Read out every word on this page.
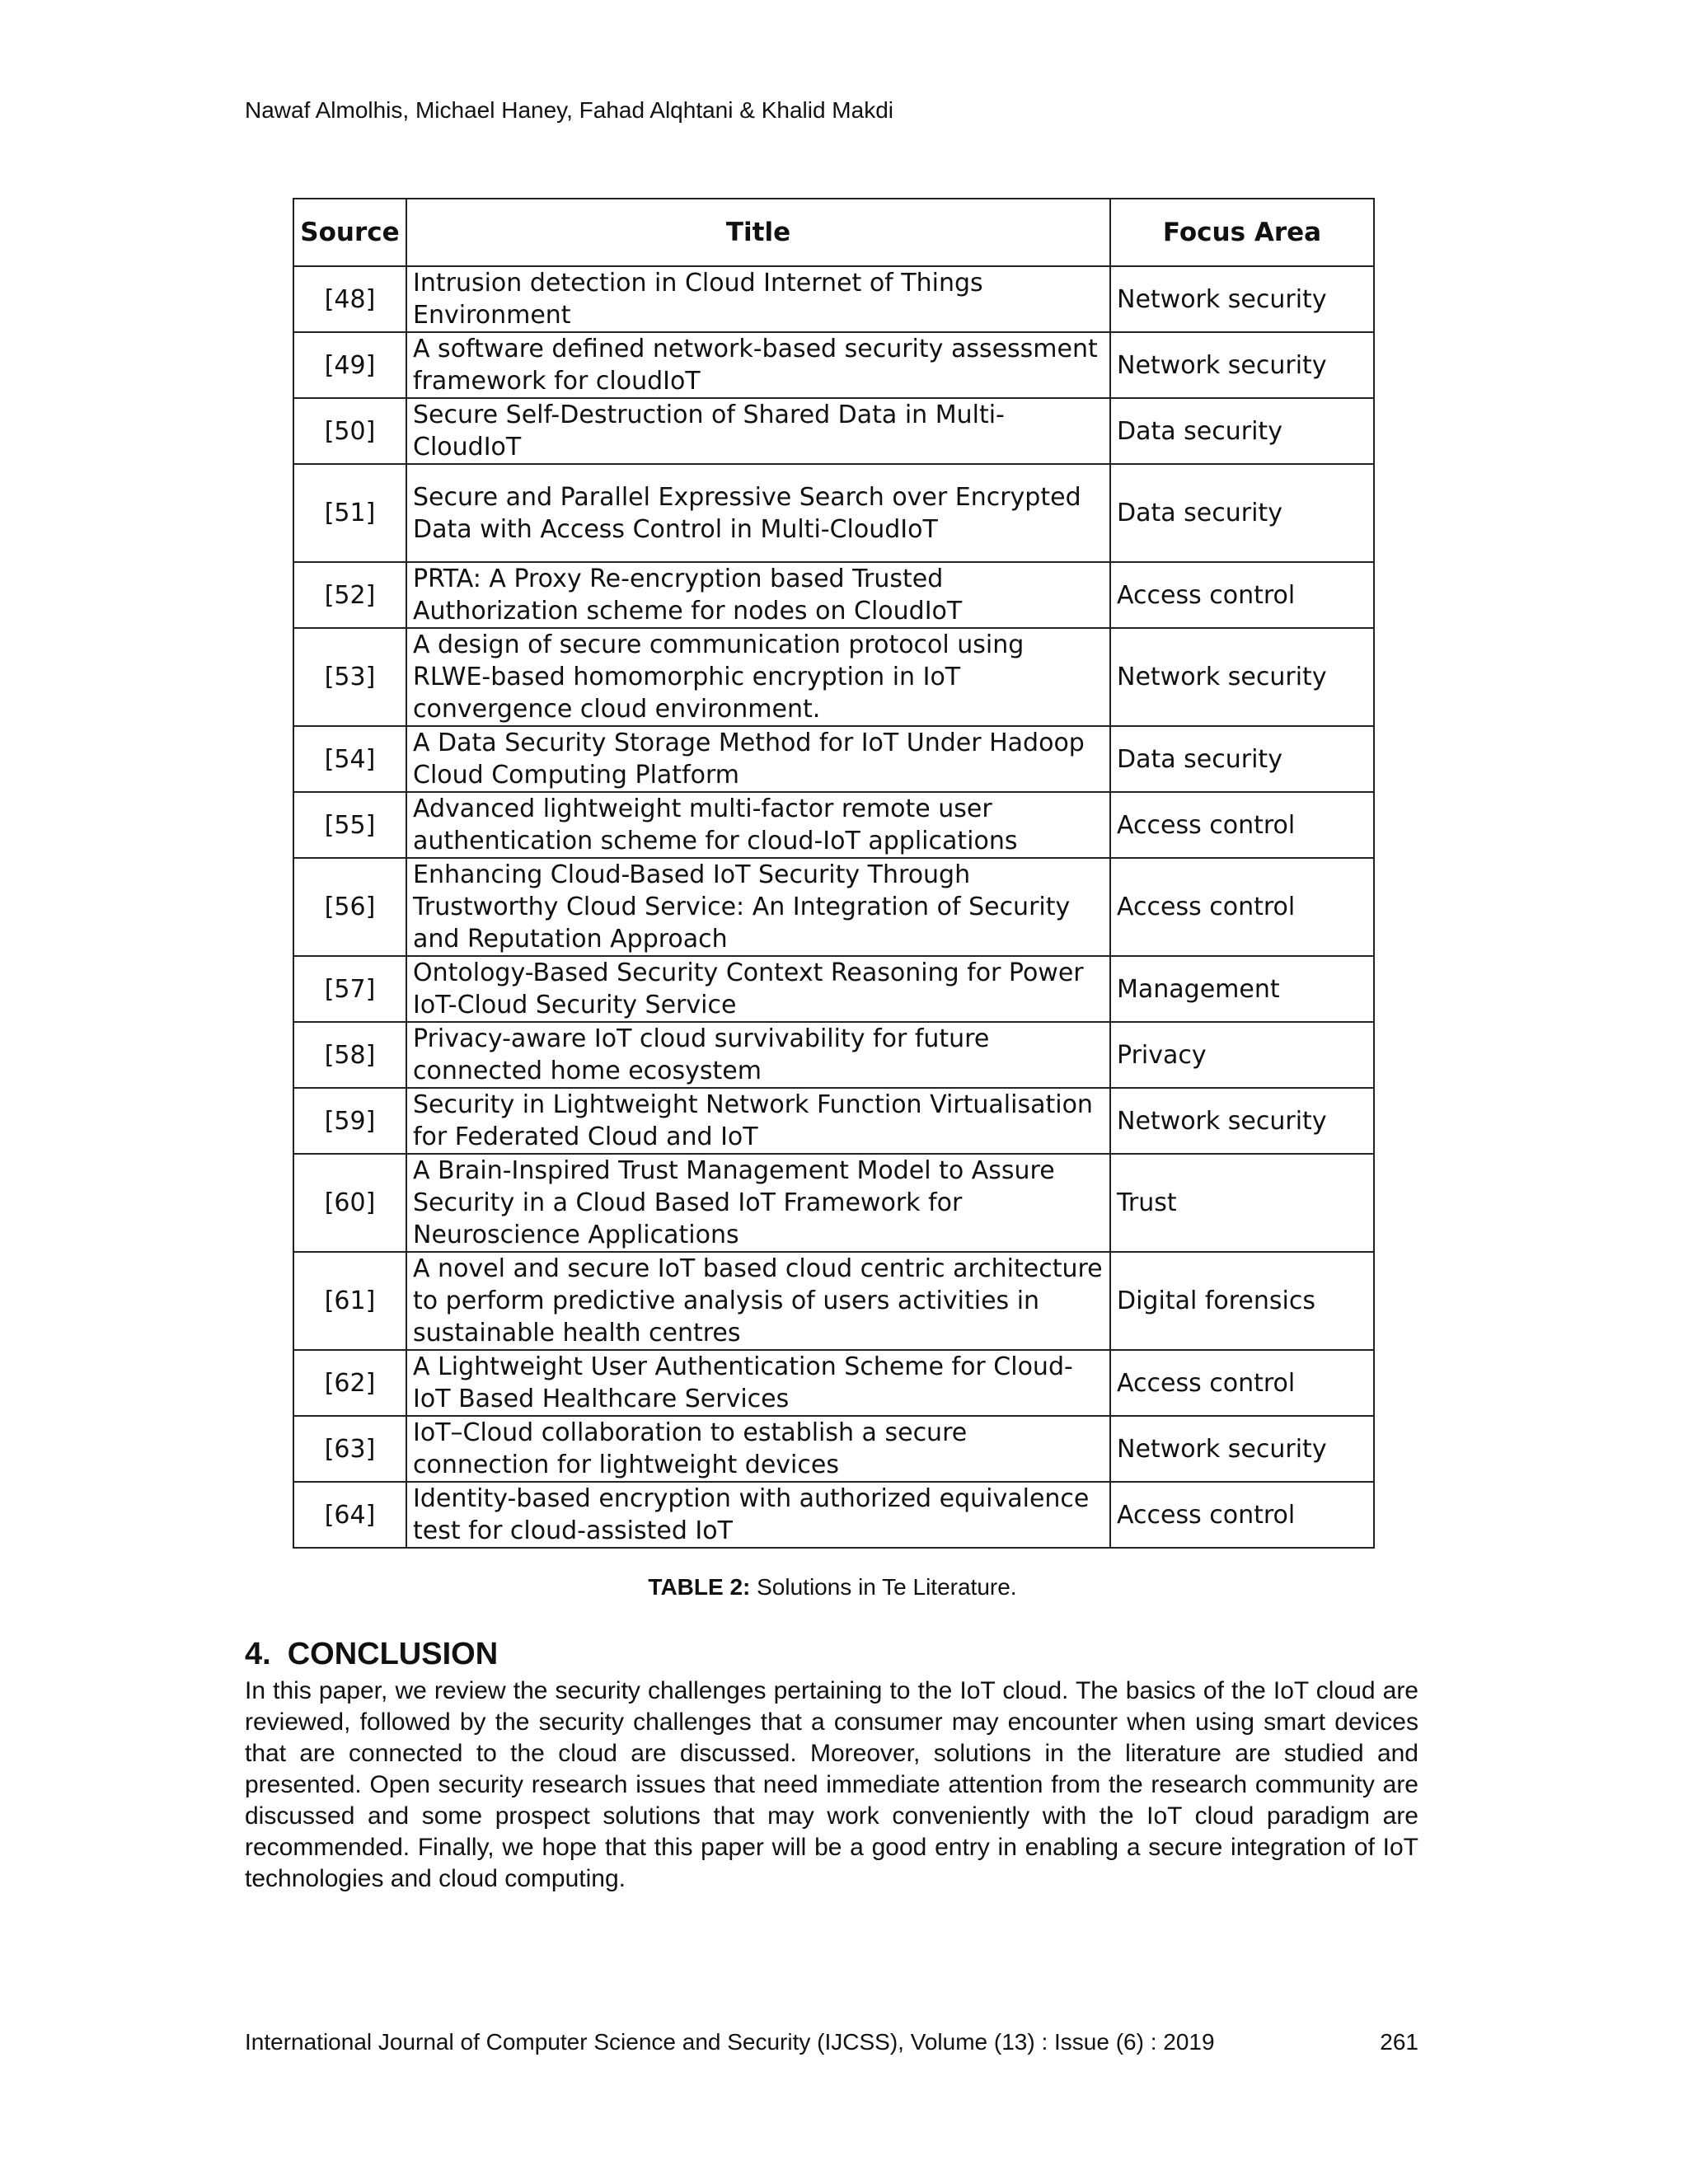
Nawaf Almolhis, Michael Haney, Fahad Alqhtani & Khalid Makdi
Source	Title	Focus Area
[48]	Intrusion detection in Cloud Internet of Things Environment	Network security
[49]	A software defined network-based security assessment framework for cloudIoT	Network security
[50]	Secure Self-Destruction of Shared Data in Multi-CloudIoT	Data security
[51]	Secure and Parallel Expressive Search over Encrypted Data with Access Control in Multi-CloudIoT	Data security
[52]	PRTA: A Proxy Re-encryption based Trusted Authorization scheme for nodes on CloudIoT	Access control
[53]	A design of secure communication protocol using RLWE-based homomorphic encryption in IoT convergence cloud environment.	Network security
[54]	A Data Security Storage Method for IoT Under Hadoop Cloud Computing Platform	Data security
[55]	Advanced lightweight multi-factor remote user authentication scheme for cloud-IoT applications	Access control
[56]	Enhancing Cloud-Based IoT Security Through Trustworthy Cloud Service: An Integration of Security and Reputation Approach	Access control
[57]	Ontology-Based Security Context Reasoning for Power IoT-Cloud Security Service	Management
[58]	Privacy-aware IoT cloud survivability for future connected home ecosystem	Privacy
[59]	Security in Lightweight Network Function Virtualisation for Federated Cloud and IoT	Network security
[60]	A Brain-Inspired Trust Management Model to Assure Security in a Cloud Based IoT Framework for Neuroscience Applications	Trust
[61]	A novel and secure IoT based cloud centric architecture to perform predictive analysis of users activities in sustainable health centres	Digital forensics
[62]	A Lightweight User Authentication Scheme for Cloud-IoT Based Healthcare Services	Access control
[63]	IoT–Cloud collaboration to establish a secure connection for lightweight devices	Network security
[64]	Identity-based encryption with authorized equivalence test for cloud-assisted IoT	Access control
TABLE 2: Solutions in Te Literature.
4. CONCLUSION

In this paper, we review the security challenges pertaining to the IoT cloud. The basics of the IoT cloud are reviewed, followed by the security challenges that a consumer may encounter when using smart devices that are connected to the cloud are discussed. Moreover, solutions in the literature are studied and presented. Open security research issues that need immediate attention from the research community are discussed and some prospect solutions that may work conveniently with the IoT cloud paradigm are recommended. Finally, we hope that this paper will be a good entry in enabling a secure integration of IoT technologies and cloud computing.

International Journal of Computer Science and Security (IJCSS), Volume (13) : Issue (6) : 2019	261
